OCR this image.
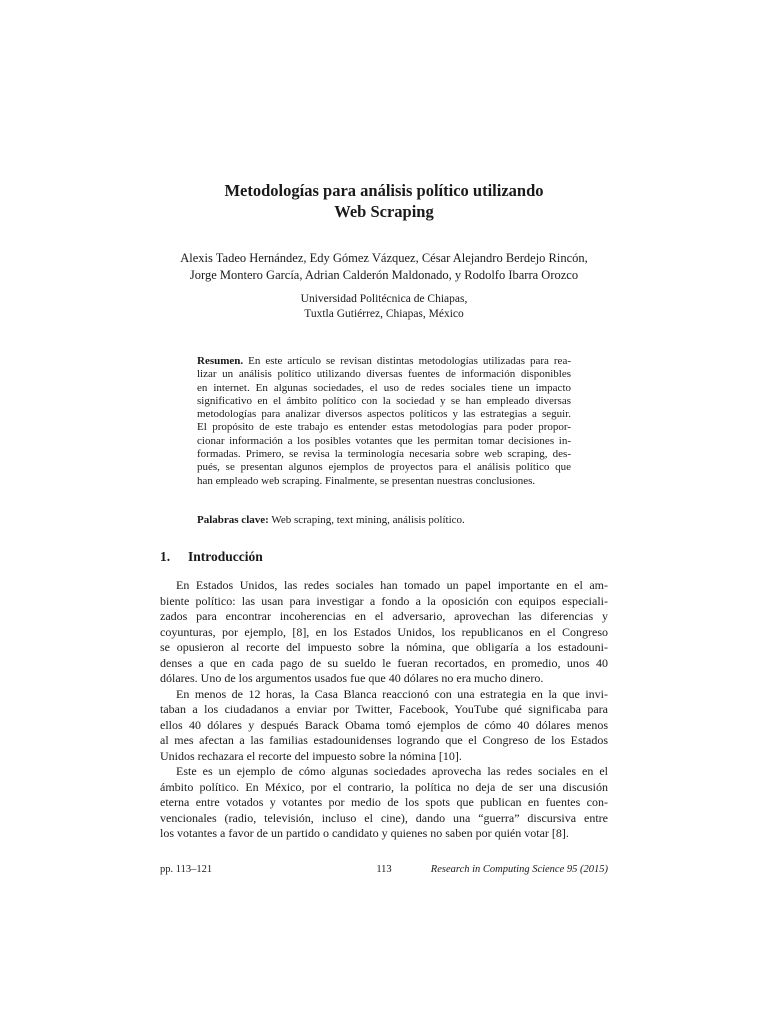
Metodologías para análisis político utilizando
Web Scraping
Alexis Tadeo Hernández, Edy Gómez Vázquez, César Alejandro Berdejo Rincón,
Jorge Montero García, Adrian Calderón Maldonado, y Rodolfo Ibarra Orozco
Universidad Politécnica de Chiapas,
Tuxtla Gutiérrez, Chiapas, México
Resumen. En este artículo se revisan distintas metodologías utilizadas para rea-
lizar un análisis político utilizando diversas fuentes de información disponibles
en internet. En algunas sociedades, el uso de redes sociales tiene un impacto
significativo en el ámbito político con la sociedad y se han empleado diversas
metodologías para analizar diversos aspectos políticos y las estrategias a seguir.
El propósito de este trabajo es entender estas metodologías para poder propor-
cionar información a los posibles votantes que les permitan tomar decisiones in-
formadas. Primero, se revisa la terminología necesaria sobre web scraping, des-
pués, se presentan algunos ejemplos de proyectos para el análisis político que
han empleado web scraping. Finalmente, se presentan nuestras conclusiones.
Palabras clave: Web scraping, text mining, análisis político.
1. Introducción
En Estados Unidos, las redes sociales han tomado un papel importante en el am-
biente político: las usan para investigar a fondo a la oposición con equipos especiali-
zados para encontrar incoherencias en el adversario, aprovechan las diferencias y
coyunturas, por ejemplo, [8], en los Estados Unidos, los republicanos en el Congreso
se opusieron al recorte del impuesto sobre la nómina, que obligaría a los estadouni-
denses a que en cada pago de su sueldo le fueran recortados, en promedio, unos 40
dólares. Uno de los argumentos usados fue que 40 dólares no era mucho dinero.
En menos de 12 horas, la Casa Blanca reaccionó con una estrategia en la que invi-
taban a los ciudadanos a enviar por Twitter, Facebook, YouTube qué significaba para
ellos 40 dólares y después Barack Obama tomó ejemplos de cómo 40 dólares menos
al mes afectan a las familias estadounidenses logrando que el Congreso de los Estados
Unidos rechazara el recorte del impuesto sobre la nómina [10].
Este es un ejemplo de cómo algunas sociedades aprovecha las redes sociales en el
ámbito político. En México, por el contrario, la política no deja de ser una discusión
eterna entre votados y votantes por medio de los spots que publican en fuentes con-
vencionales (radio, televisión, incluso el cine), dando una “guerra” discursiva entre
los votantes a favor de un partido o candidato y quienes no saben por quién votar [8].
pp. 113–121	113	Research in Computing Science 95 (2015)
